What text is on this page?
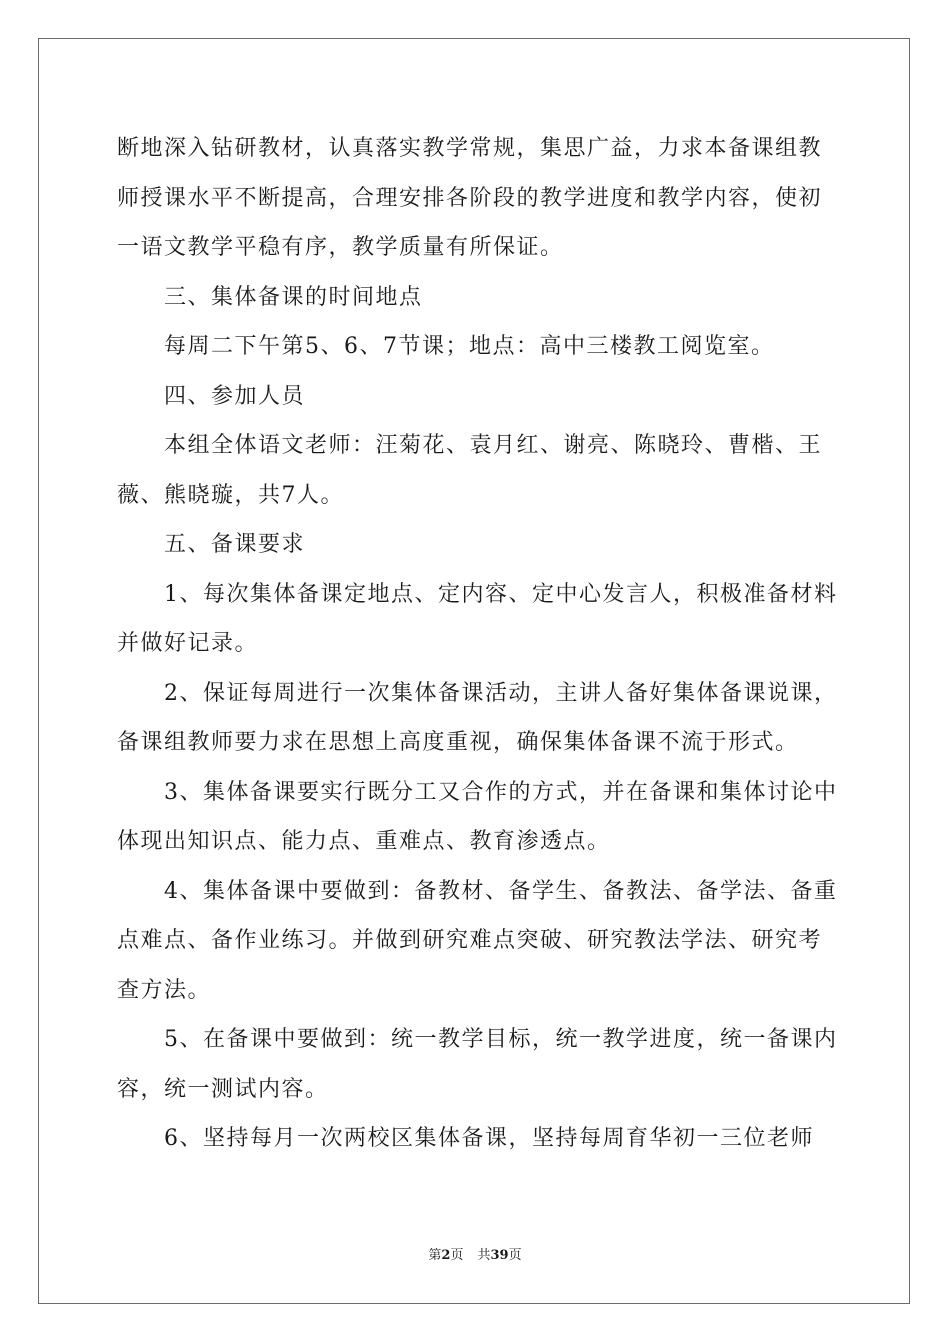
断地深入钻研教材，认真落实教学常规，集思广益，力求本备课组教师授课水平不断提高，合理安排各阶段的教学进度和教学内容，使初一语文教学平稳有序，教学质量有所保证。

三、集体备课的时间地点

每周二下午第5、6、7节课；地点：高中三楼教工阅览室。

四、参加人员

本组全体语文老师：汪菊花、袁月红、谢亮、陈晓玲、曹楷、王薇、熊晓璇，共7人。

五、备课要求

1、每次集体备课定地点、定内容、定中心发言人，积极准备材料并做好记录。

2、保证每周进行一次集体备课活动，主讲人备好集体备课说课，备课组教师要力求在思想上高度重视，确保集体备课不流于形式。

3、集体备课要实行既分工又合作的方式，并在备课和集体讨论中体现出知识点、能力点、重难点、教育渗透点。

4、集体备课中要做到：备教材、备学生、备教法、备学法、备重点难点、备作业练习。并做到研究难点突破、研究教法学法、研究考查方法。

5、在备课中要做到：统一教学目标，统一教学进度，统一备课内容，统一测试内容。

6、坚持每月一次两校区集体备课，坚持每周育华初一三位老师

第2页 共39页
